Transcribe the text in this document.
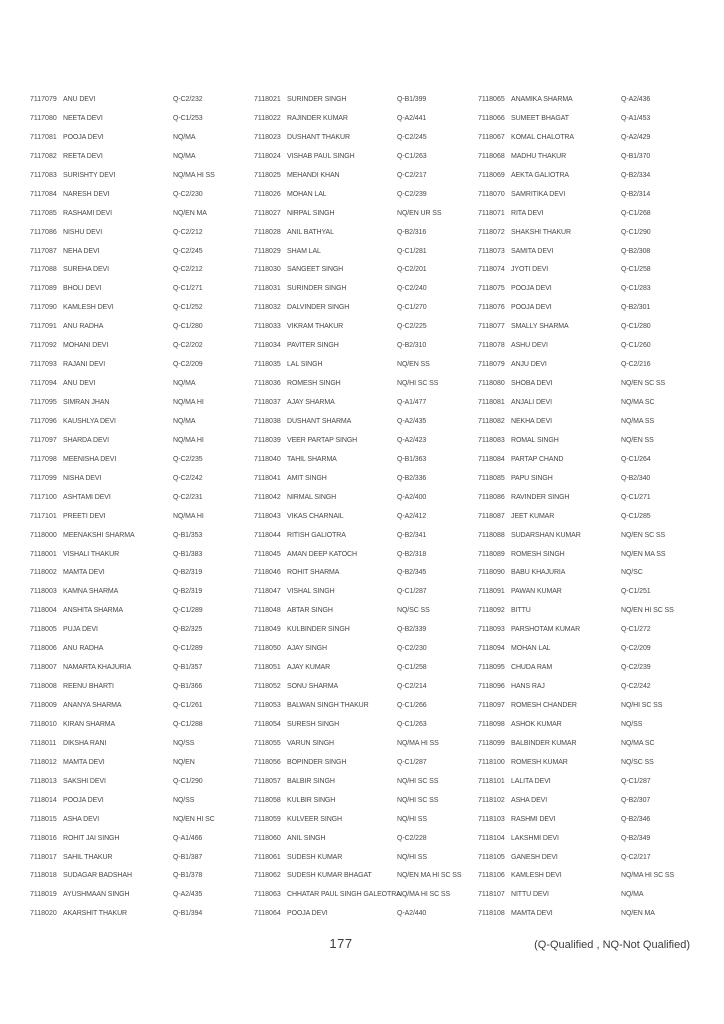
7117079 ANU DEVI	Q-C2/232
7117080 NEETA DEVI	Q-C1/253
7117081 POOJA DEVI	NQ/MA
7117082 REETA DEVI	NQ/MA
7117083 SURISHTY DEVI	NQ/MA HI SS
7117084 NARESH DEVI	Q-C2/230
7117085 RASHAMI DEVI	NQ/EN MA
7117086 NISHU DEVI	Q-C2/212
7117087 NEHA DEVI	Q-C2/245
7117088 SUREHA DEVI	Q-C2/212
7117089 BHOLI DEVI	Q-C1/271
7117090 KAMLESH DEVI	Q-C1/252
7117091 ANU RADHA	Q-C1/280
7117092 MOHANI DEVI	Q-C2/202
7117093 RAJANI DEVI	Q-C2/209
7117094 ANU DEVI	NQ/MA
7117095 SIMRAN JHAN	NQ/MA HI
7117096 KAUSHLYA DEVI	NQ/MA
7117097 SHARDA DEVI	NQ/MA HI
7117098 MEENISHA DEVI	Q-C2/235
7117099 NISHA DEVI	Q-C2/242
7117100 ASHTAMI DEVI	Q-C2/231
7117101 PREETI DEVI	NQ/MA HI
7118000 MEENAKSHI SHARMA	Q-B1/353
7118001 VISHALI THAKUR	Q-B1/383
7118002 MAMTA DEVI	Q-B2/319
7118003 KAMNA SHARMA	Q-B2/319
7118004 ANSHITA SHARMA	Q-C1/289
7118005 PUJA DEVI	Q-B2/325
7118006 ANU RADHA	Q-C1/289
7118007 NAMARTA KHAJURIA	Q-B1/357
7118008 REENU BHARTI	Q-B1/366
7118009 ANANYA SHARMA	Q-C1/261
7118010 KIRAN SHARMA	Q-C1/288
7118011 DIKSHA RANI	NQ/SS
7118012 MAMTA DEVI	NQ/EN
7118013 SAKSHI DEVI	Q-C1/290
7118014 POOJA DEVI	NQ/SS
7118015 ASHA DEVI	NQ/EN HI SC
7118016 ROHIT JAI SINGH	Q-A1/466
7118017 SAHIL THAKUR	Q-B1/387
7118018 SUDAGAR BADSHAH	Q-B1/378
7118019 AYUSHMAAN SINGH	Q-A2/435
7118020 AKARSHIT THAKUR	Q-B1/394
7118021 SURINDER SINGH	Q-B1/399
7118022 RAJINDER KUMAR	Q-A2/441
7118023 DUSHANT THAKUR	Q-C2/245
7118024 VISHAB PAUL SINGH	Q-C1/263
7118025 MEHANDI KHAN	Q-C2/217
7118026 MOHAN LAL	Q-C2/239
7118027 NIRPAL SINGH	NQ/EN UR SS
7118028 ANIL BATHYAL	Q-B2/316
7118029 SHAM LAL	Q-C1/281
7118030 SANGEET SINGH	Q-C2/201
7118031 SURINDER SINGH	Q-C2/240
7118032 DALVINDER SINGH	Q-C1/270
7118033 VIKRAM THAKUR	Q-C2/225
7118034 PAVITER SINGH	Q-B2/310
7118035 LAL SINGH	NQ/EN SS
7118036 ROMESH SINGH	NQ/HI SC SS
7118037 AJAY SHARMA	Q-A1/477
7118038 DUSHANT SHARMA	Q-A2/435
7118039 VEER PARTAP SINGH	Q-A2/423
7118040 TAHIL SHARMA	Q-B1/363
7118041 AMIT SINGH	Q-B2/336
7118042 NIRMAL SINGH	Q-A2/400
7118043 VIKAS CHARNAIL	Q-A2/412
7118044 RITISH GALIOTRA	Q-B2/341
7118045 AMAN DEEP KATOCH	Q-B2/318
7118046 ROHIT SHARMA	Q-B2/345
7118047 VISHAL SINGH	Q-C1/287
7118048 ABTAR SINGH	NQ/SC SS
7118049 KULBINDER SINGH	Q-B2/339
7118050 AJAY SINGH	Q-C2/230
7118051 AJAY KUMAR	Q-C1/258
7118052 SONU SHARMA	Q-C2/214
7118053 BALWAN SINGH THAKUR	Q-C1/266
7118054 SURESH SINGH	Q-C1/263
7118055 VARUN SINGH	NQ/MA HI SS
7118056 BOPINDER SINGH	Q-C1/287
7118057 BALBIR SINGH	NQ/HI SC SS
7118058 KULBIR SINGH	NQ/HI SC SS
7118059 KULVEER SINGH	NQ/HI SS
7118060 ANIL SINGH	Q-C2/228
7118061 SUDESH KUMAR	NQ/HI SS
7118062 SUDESH KUMAR BHAGAT	NQ/EN MA HI SC SS
7118063 CHHATAR PAUL SINGH GALEOTRA
NQ/MA HI SC SS
7118064 POOJA DEVI	Q-A2/440
7118065 ANAMIKA SHARMA	Q-A2/436
7118066 SUMEET BHAGAT	Q-A1/453
7118067 KOMAL CHALOTRA	Q-A2/429
7118068 MADHU THAKUR	Q-B1/370
7118069 AEKTA GALIOTRA	Q-B2/334
7118070 SAMRITIKA DEVI	Q-B2/314
7118071 RITA DEVI	Q-C1/268
7118072 SHAKSHI THAKUR	Q-C1/290
7118073 SAMITA DEVI	Q-B2/308
7118074 JYOTI DEVI	Q-C1/258
7118075 POOJA DEVI	Q-C1/283
7118076 POOJA DEVI	Q-B2/301
7118077 SMALLY SHARMA	Q-C1/280
7118078 ASHU DEVI	Q-C1/260
7118079 ANJU DEVI	Q-C2/216
7118080 SHOBA DEVI	NQ/EN SC SS
7118081 ANJALI DEVI	NQ/MA SC
7118082 NEKHA DEVI	NQ/MA SS
7118083 ROMAL SINGH	NQ/EN SS
7118084 PARTAP CHAND	Q-C1/264
7118085 PAPU SINGH	Q-B2/340
7118086 RAVINDER SINGH	Q-C1/271
7118087 JEET KUMAR	Q-C1/285
7118088 SUDARSHAN KUMAR	NQ/EN SC SS
7118089 ROMESH SINGH	NQ/EN MA SS
7118090 BABU KHAJURIA	NQ/SC
7118091 PAWAN KUMAR	Q-C1/251
7118092 BITTU	NQ/EN HI SC SS
7118093 PARSHOTAM KUMAR	Q-C1/272
7118094 MOHAN LAL	Q-C2/209
7118095 CHUDA RAM	Q-C2/239
7118096 HANS RAJ	Q-C2/242
7118097 ROMESH CHANDER	NQ/HI SC SS
7118098 ASHOK KUMAR	NQ/SS
7118099 BALBINDER KUMAR	NQ/MA SC
7118100 ROMESH KUMAR	NQ/SC SS
7118101 LALITA DEVI	Q-C1/287
7118102 ASHA DEVI	Q-B2/307
7118103 RASHMI DEVI	Q-B2/346
7118104 LAKSHMI DEVI	Q-B2/349
7118105 GANESH DEVI	Q-C2/217
7118106 KAMLESH DEVI	NQ/MA HI SC SS
7118107 NITTU DEVI	NQ/MA
7118108 MAMTA DEVI	NQ/EN MA
177	(Q-Qualified , NQ-Not Qualified)
